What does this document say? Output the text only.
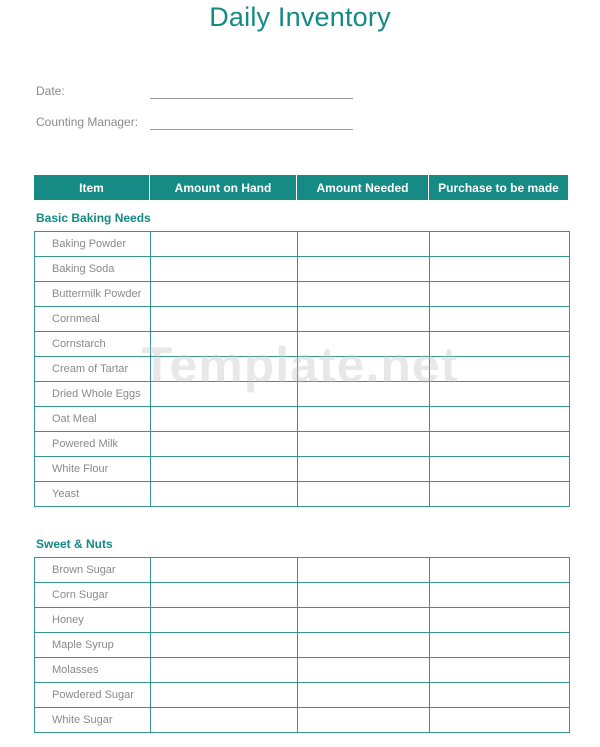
Daily Inventory
Date:
Counting Manager:
Item	Amount on Hand	Amount Needed	Purchase to be made
Basic Baking Needs
Baking Powder			
Baking Soda			
Buttermilk Powder			
Cornmeal			
Cornstarch			
Cream of Tartar			
Dried Whole Eggs			
Oat Meal			
Powered Milk			
White Flour			
Yeast			
Sweet & Nuts
Brown Sugar			
Corn Sugar			
Honey			
Maple Syrup			
Molasses			
Powdered Sugar			
White Sugar			
Template.net
